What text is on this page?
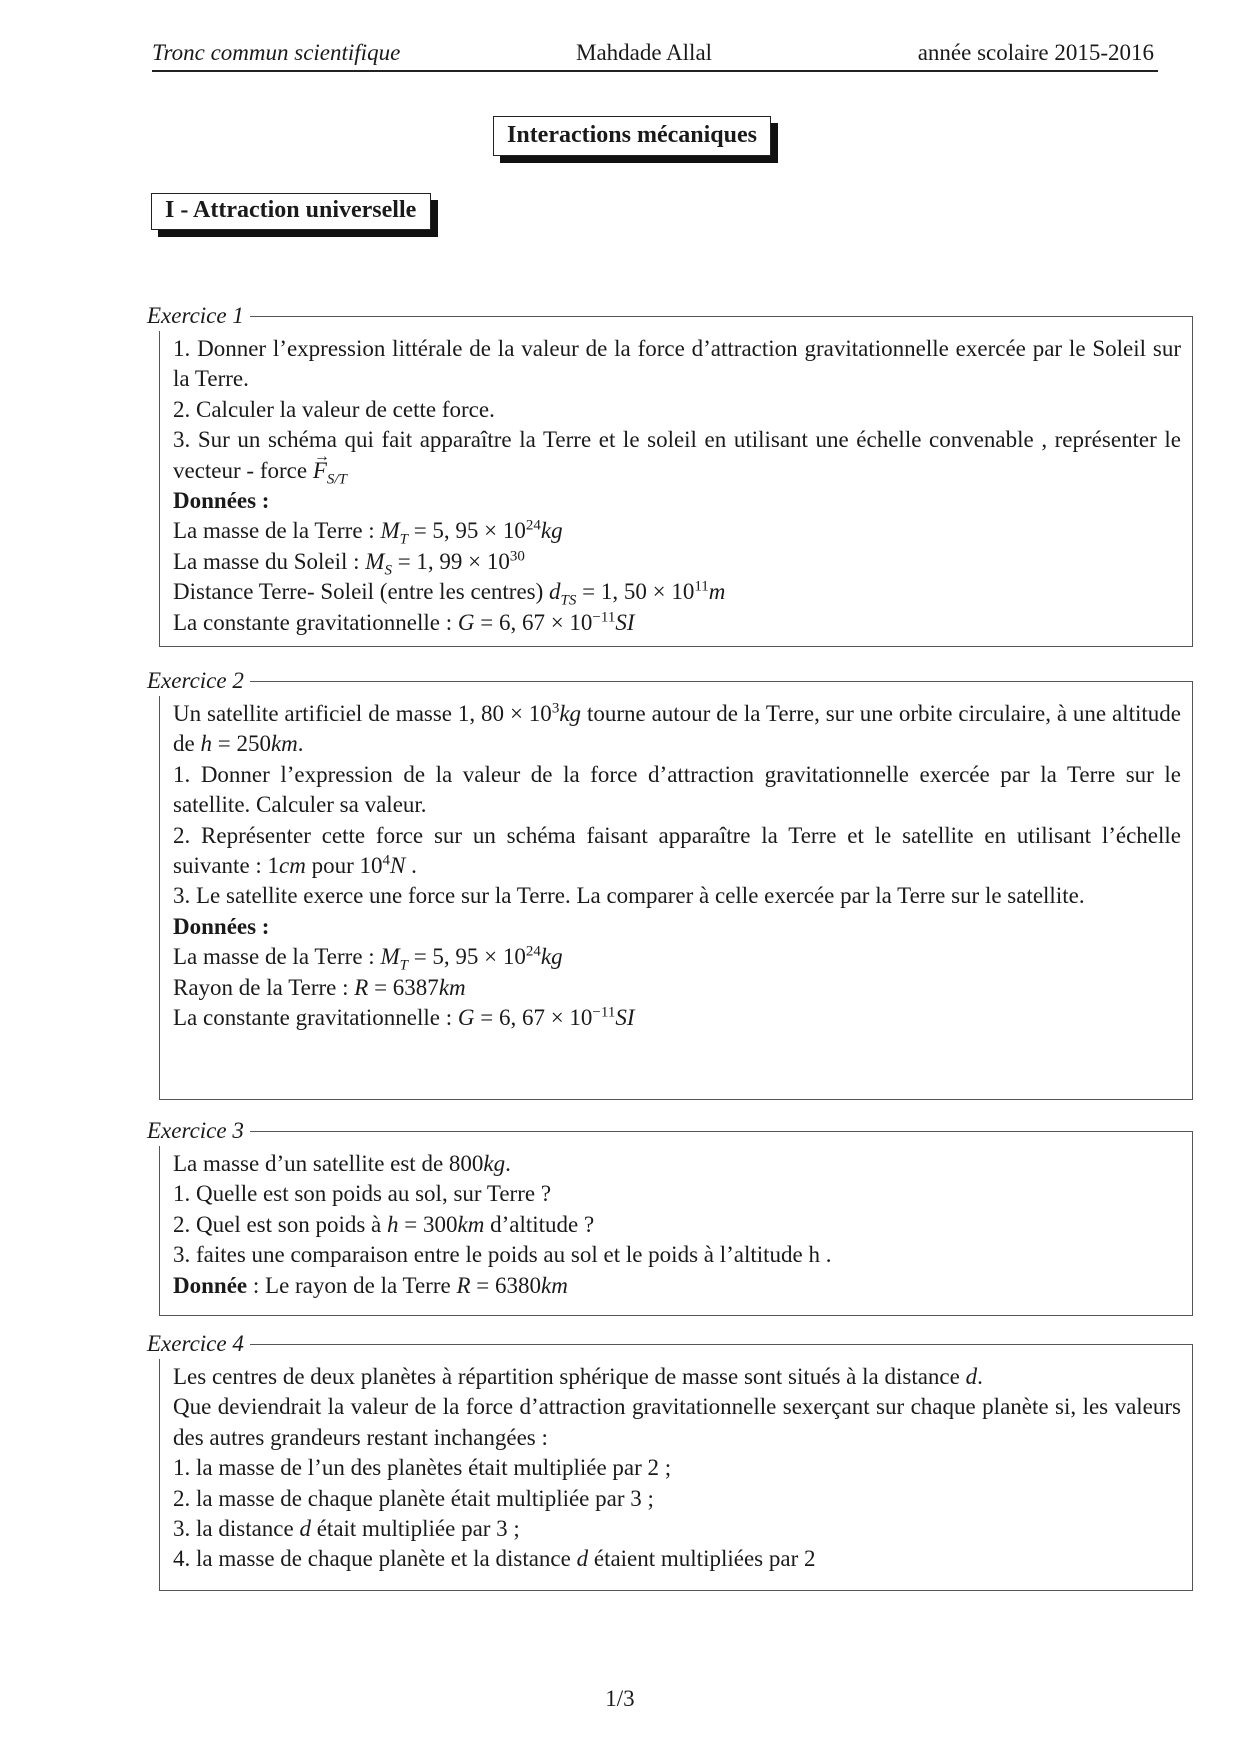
Tronc commun scientifique	Mahdade Allal	année scolaire 2015-2016
Interactions mécaniques
I - Attraction universelle
Exercice 1

1. Donner l’expression littérale de la valeur de la force d’attraction gravitationnelle exercée par le Soleil sur la Terre.

2. Calculer la valeur de cette force.

3. Sur un schéma qui fait apparaître la Terre et le soleil en utilisant une échelle convenable , représenter le vecteur - force → $F_{S/T}$

Données :

La masse de la Terre : $M_T = 5$, $95 \times 10^{24}kg$

La masse du Soleil : $M_S = 1$, $99 \times 10^{30}$

Distance Terre- Soleil (entre les centres) $d_{TS} = 1$, $50 \times 10^{11}m$

La constante gravitationnelle : G = 6, $67 \times 10^{-11}SI$

Exercice 2

Un satellite artificiel de masse 1, $80 \times 10^3kg$ tourne autour de la Terre, sur une orbite circulaire, à une altitude de h = 250km.

1. Donner l’expression de la valeur de la force d’attraction gravitationnelle exercée par la Terre sur le satellite. Calculer sa valeur.

2. Représenter cette force sur un schéma faisant apparaître la Terre et le satellite en utilisant l’échelle suivante : 1cm pour $10^4N$ .

3. Le satellite exerce une force sur la Terre. La comparer à celle exercée par la Terre sur le satellite.

Données :

La masse de la Terre : $M_T = 5$, $95 \times 10^{24}kg$

Rayon de la Terre : R = 6387km

La constante gravitationnelle : G = 6, $67 \times 10^{-11}SI$

Exercice 3

La masse d’un satellite est de 800kg.

1. Quelle est son poids au sol, sur Terre ?

2. Quel est son poids à h = 300km d’altitude ?

3. faites une comparaison entre le poids au sol et le poids à l’altitude h .

Donnée : Le rayon de la Terre R = 6380km

Exercice 4

Les centres de deux planètes à répartition sphérique de masse sont situés à la distance d.

Que deviendrait la valeur de la force d’attraction gravitationnelle sexerçant sur chaque planète si, les valeurs des autres grandeurs restant inchangées :

1. la masse de l’un des planètes était multipliée par 2 ;

2. la masse de chaque planète était multipliée par 3 ;

3. la distance d était multipliée par 3 ;

4. la masse de chaque planète et la distance d étaient multipliées par 2

1/3
